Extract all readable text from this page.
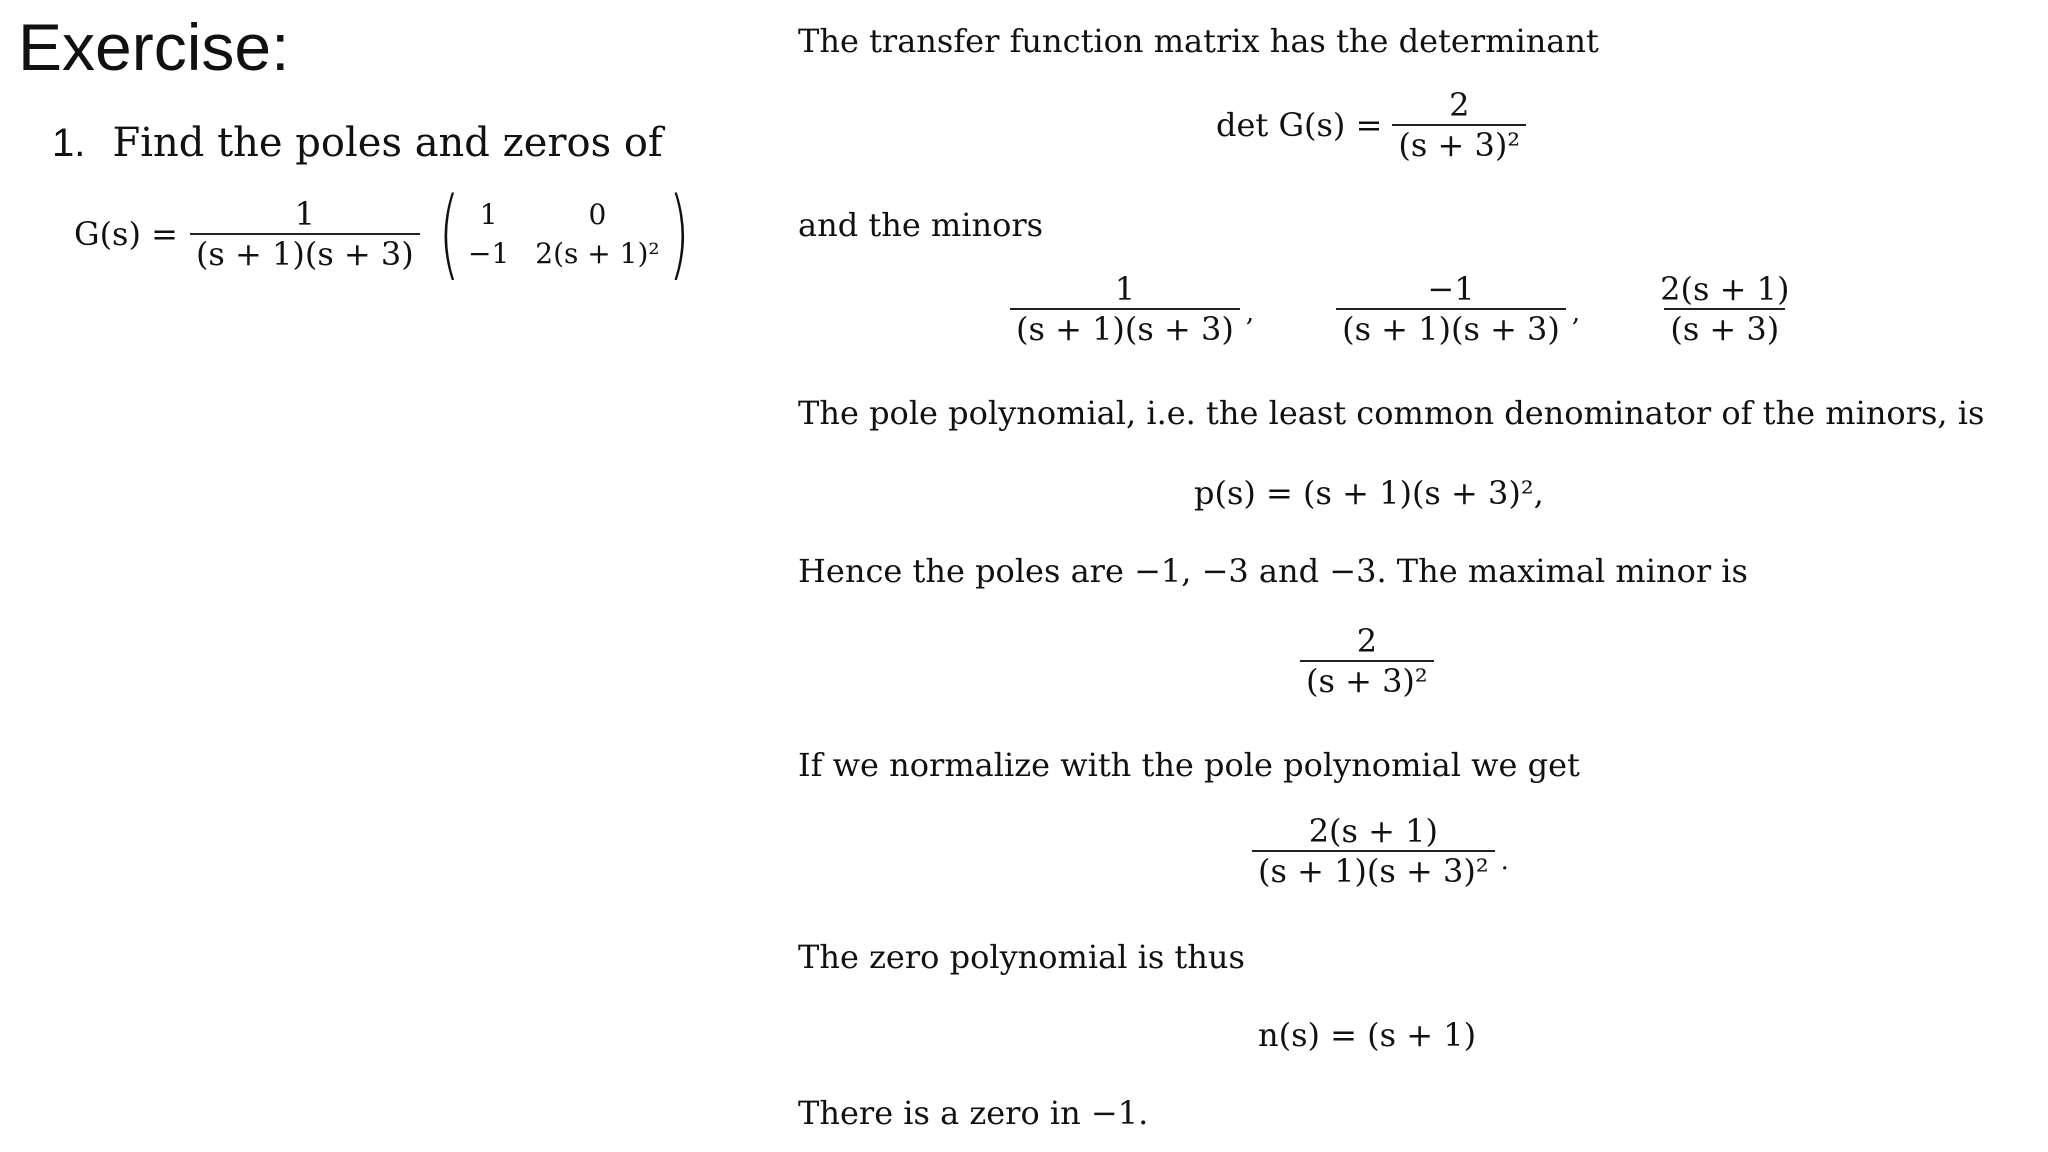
Exercise:
1. Find the poles and zeros of
$G(s) = \frac{1}{(s + 1)(s + 3)}$ ( 1	0
−1 2(s + 1)² )
The transfer function matrix has the determinant
$\det G(s) = \frac{2}{\text{(s + 3)²}}$
and the minors
$\frac{1}{(s + 1)(s + 3)}$ ,	$\frac{-1}{(s + 1)(s + 3)}$ , $\frac{2(s + 1)}{(s + 3)}$
The pole polynomial, i.e. the least common denominator of the minors, is
p(s) = (s + 1)(s + 3)²,
Hence the poles are −1, −3 and −3. The maximal minor is
$\frac{2}{\text{(s + 3)²}}$
If we normalize with the pole polynomial we get
$\frac{2(s + 1)}{\text{(s + 1)(s + 3)²}}$ .
The zero polynomial is thus
n(s) = (s + 1)
There is a zero in −1.
